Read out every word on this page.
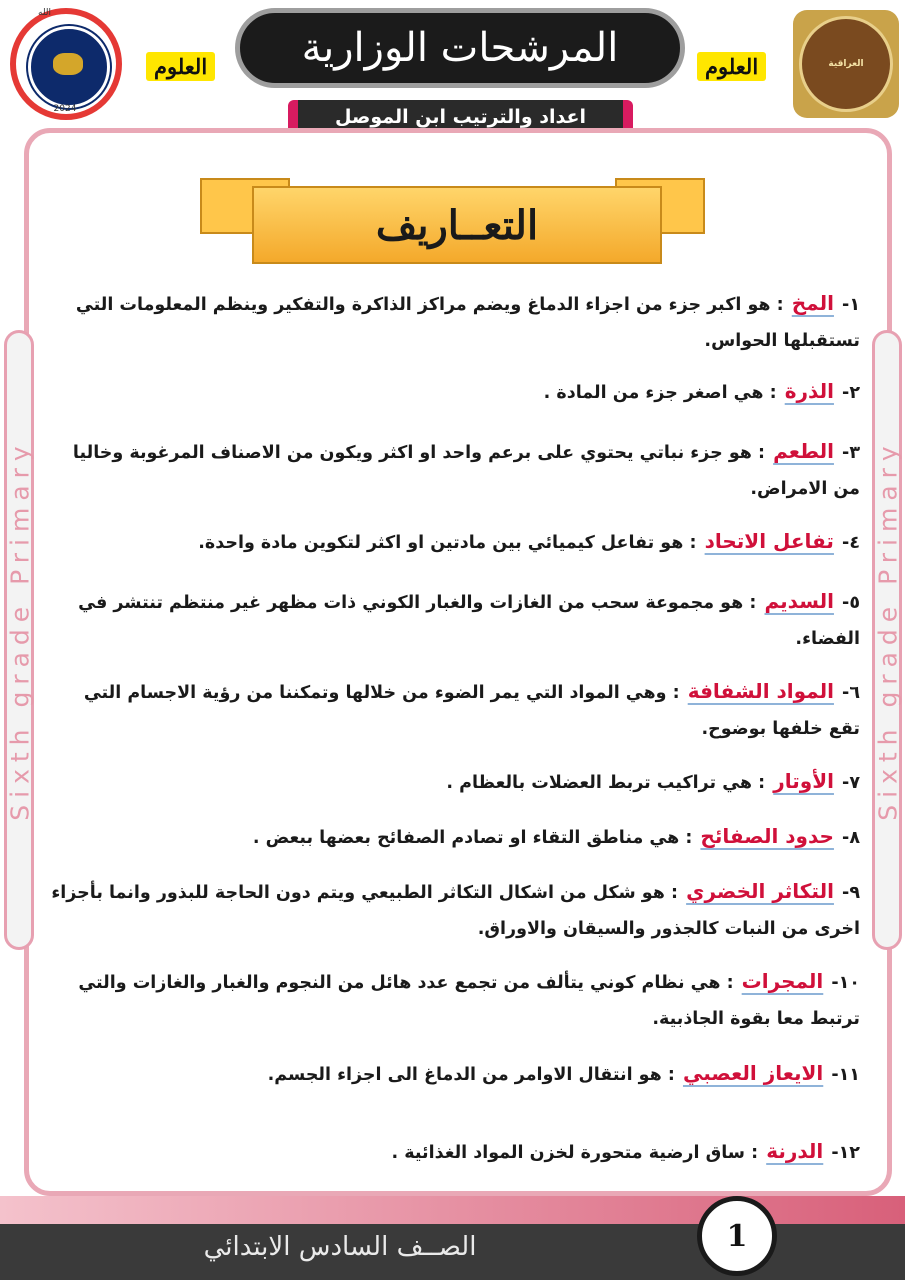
الله
2024
العلوم المرشحات الوزارية	العلوم	العراقية
اعداد والترتيب ابن الموصل
Sixth grade Primary	Sixth grade Primary
التعــاريف
١- المخ : هو اكبر جزء من اجزاء الدماغ ويضم مراكز الذاكرة والتفكير وينظم المعلومات التي تستقبلها الحواس.
٢- الذرة : هي اصغر جزء من المادة .
٣- الطعم : هو جزء نباتي يحتوي على برعم واحد او اكثر ويكون من الاصناف المرغوبة وخاليا من الامراض.
٤- تفاعل الاتحاد : هو تفاعل كيميائي بين مادتين او اكثر لتكوين مادة واحدة.
٥- السديم : هو مجموعة سحب من الغازات والغبار الكوني ذات مظهر غير منتظم تنتشر في الفضاء.
٦- المواد الشفافة : وهي المواد التي يمر الضوء من خلالها وتمكننا من رؤية الاجسام التي تقع خلفها بوضوح.
٧- الأوتار : هي تراكيب تربط العضلات بالعظام .
٨- حدود الصفائح : هي مناطق التقاء او تصادم الصفائح بعضها ببعض .
٩- التكاثر الخضري : هو شكل من اشكال التكاثر الطبيعي ويتم دون الحاجة للبذور وانما بأجزاء اخرى من النبات كالجذور والسيقان والاوراق.
١٠- المجرات : هي نظام كوني يتألف من تجمع عدد هائل من النجوم والغبار والغازات والتي ترتبط معا بقوة الجاذبية.
١١- الايعاز العصبي : هو انتقال الاوامر من الدماغ الى اجزاء الجسم.
١٢- الدرنة : ساق ارضية متحورة لخزن المواد الغذائية .
الصــف السادس الابتدائي	1
